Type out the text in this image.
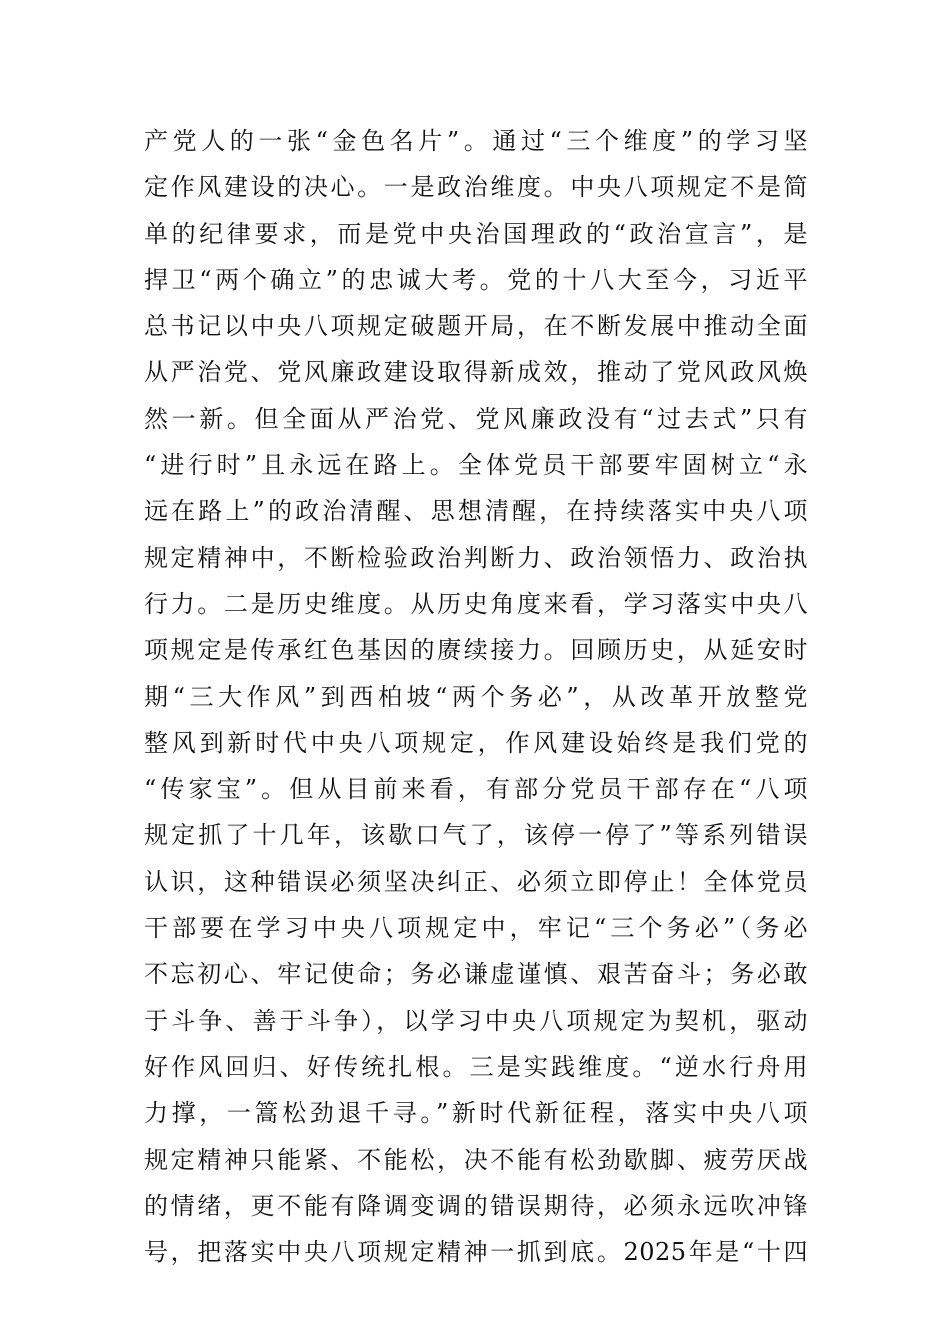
产党人的一张“金色名片”。通过“三个维度”的学习坚
定作风建设的决心。一是政治维度。中央八项规定不是简
单的纪律要求，而是党中央治国理政的“政治宣言”，是
捍卫“两个确立”的忠诚大考。党的十八大至今，习近平
总书记以中央八项规定破题开局，在不断发展中推动全面
从严治党、党风廉政建设取得新成效，推动了党风政风焕
然一新。但全面从严治党、党风廉政没有“过去式”只有
“进行时”且永远在路上。全体党员干部要牢固树立“永
远在路上”的政治清醒、思想清醒，在持续落实中央八项
规定精神中，不断检验政治判断力、政治领悟力、政治执
行力。二是历史维度。从历史角度来看，学习落实中央八
项规定是传承红色基因的赓续接力。回顾历史，从延安时
期“三大作风”到西柏坡“两个务必”，从改革开放整党
整风到新时代中央八项规定，作风建设始终是我们党的
“传家宝”。但从目前来看，有部分党员干部存在“八项
规定抓了十几年，该歇口气了，该停一停了”等系列错误
认识，这种错误必须坚决纠正、必须立即停止！全体党员
干部要在学习中央八项规定中，牢记“三个务必”（务必
不忘初心、牢记使命；务必谦虚谨慎、艰苦奋斗；务必敢
于斗争、善于斗争），以学习中央八项规定为契机，驱动
好作风回归、好传统扎根。三是实践维度。“逆水行舟用
力撑，一篙松劲退千寻。”新时代新征程，落实中央八项
规定精神只能紧、不能松，决不能有松劲歇脚、疲劳厌战
的情绪，更不能有降调变调的错误期待，必须永远吹冲锋
号，把落实中央八项规定精神一抓到底。2025年是“十四
